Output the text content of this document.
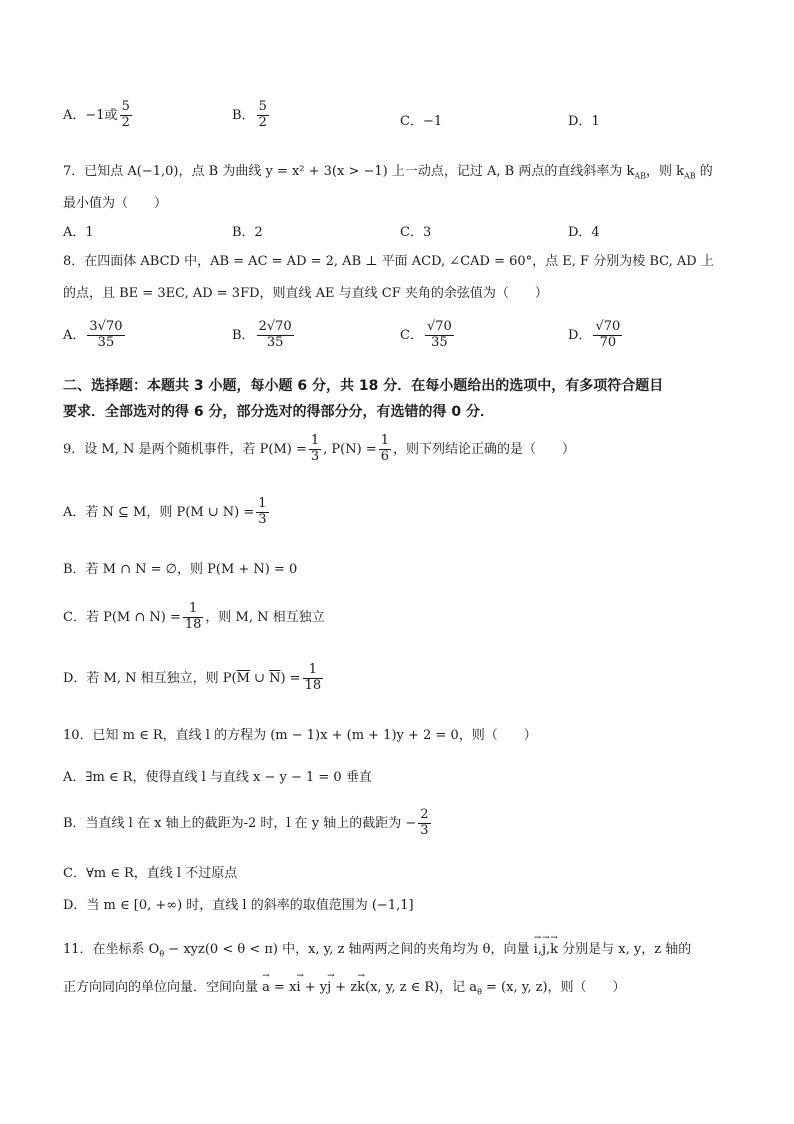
A．−1或 $\frac{5}{2}$	B． $\frac{5}{2}$	C．−1	D．1
7．已知点 A(−1,0)，点 B 为曲线 y = x² + 3(x > −1) 上一动点，记过 A, B 两点的直线斜率为 $k_{AB}$，则 $k_{AB}$ 的
最小值为（　　）
A．1	B．2	C．3	D．4
8．在四面体 ABCD 中，AB = AC = AD = 2, AB ⊥ 平面 ACD, ∠CAD = 60°，点 E, F 分别为棱 BC, AD 上
的点，且 BE = 3EC, AD = 3FD，则直线 AE 与直线 CF 夹角的余弦值为（　　）
A． $\frac{3√70}{35}$	B． $\frac{2√70}{35}$	C． $\frac{√70}{35}$	D． $\frac{√70}{70}$
二、选择题：本题共 3 小题，每小题 6 分，共 18 分．在每小题给出的选项中，有多项符合题目
要求．全部选对的得 6 分，部分选对的得部分分，有选错的得 0 分．
9．设 M, N 是两个随机事件，若 $P(M) = \frac{1}{3}$ , $P(N) = \frac{1}{6}$ ，则下列结论正确的是（　　）
A．若 N ⊆ M，则 P(M ∪ $N) = \frac{1}{3}$
B．若 M ∩ N = ∅，则 P(M + N) = 0
C．若 P(M ∩ $N) = \frac{1}{18}$ ，则 M, N 相互独立
D．若 M, N 相互独立，则 $P(\overline{M}$ ∪ $\overline{N}) = \frac{1}{18}$
10．已知 m ∈ R，直线 l 的方程为 (m − 1)x + (m + 1)y + 2 = 0，则（　　）
A．∃m ∈ R，使得直线 l 与直线 x − y − 1 = 0 垂直
B．当直线 l 在 x 轴上的截距为-2 时，l 在 y 轴上的截距为 − $\frac{2}{3}$
C．∀m ∈ R，直线 l 不过原点
D．当 m ∈ [0, +∞) 时，直线 l 的斜率的取值范围为 (−1,1]
11．在坐标系 $O_\theta - xyz(0 < \theta < \pi)$ 中，x, y, z 轴两两之间的夹角均为 θ，向量 → i,→ j,→ k 分别是与 x, y，z 轴的
正方向同向的单位向量．空间向量 → a = x→ i + y→ j + z→ k(x, y, z ∈ R)，记 $a_\theta = (x$, y, z)，则（　　）
